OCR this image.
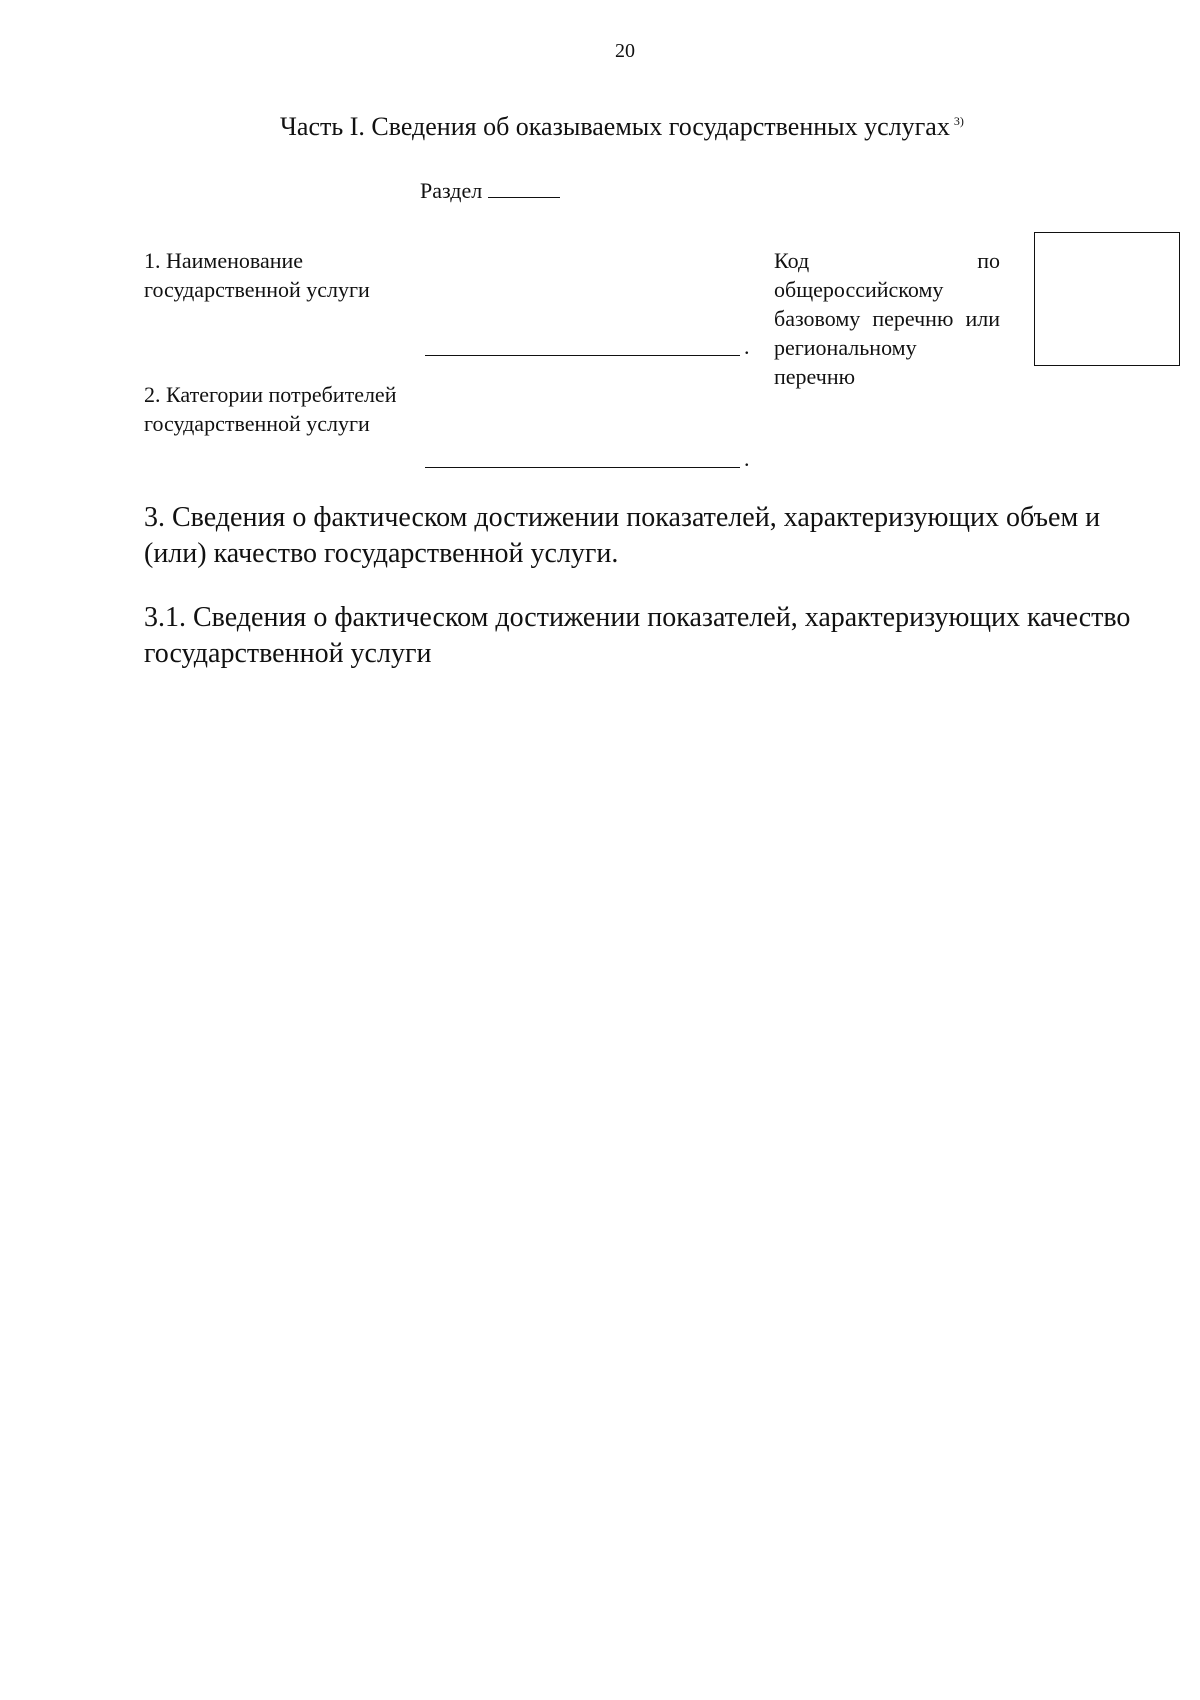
20
Часть I. Сведения об оказываемых государственных услугах $^{3)}$
Раздел
1. Наименование государственной услуги
.
Код по общероссийскому базовому перечню или региональному перечню
2. Категории потребителей государственной услуги
.
3. Сведения о фактическом достижении показателей, характеризующих объем и (или) качество государственной услуги.
3.1. Сведения о фактическом достижении показателей, характеризующих качество государственной услуги
